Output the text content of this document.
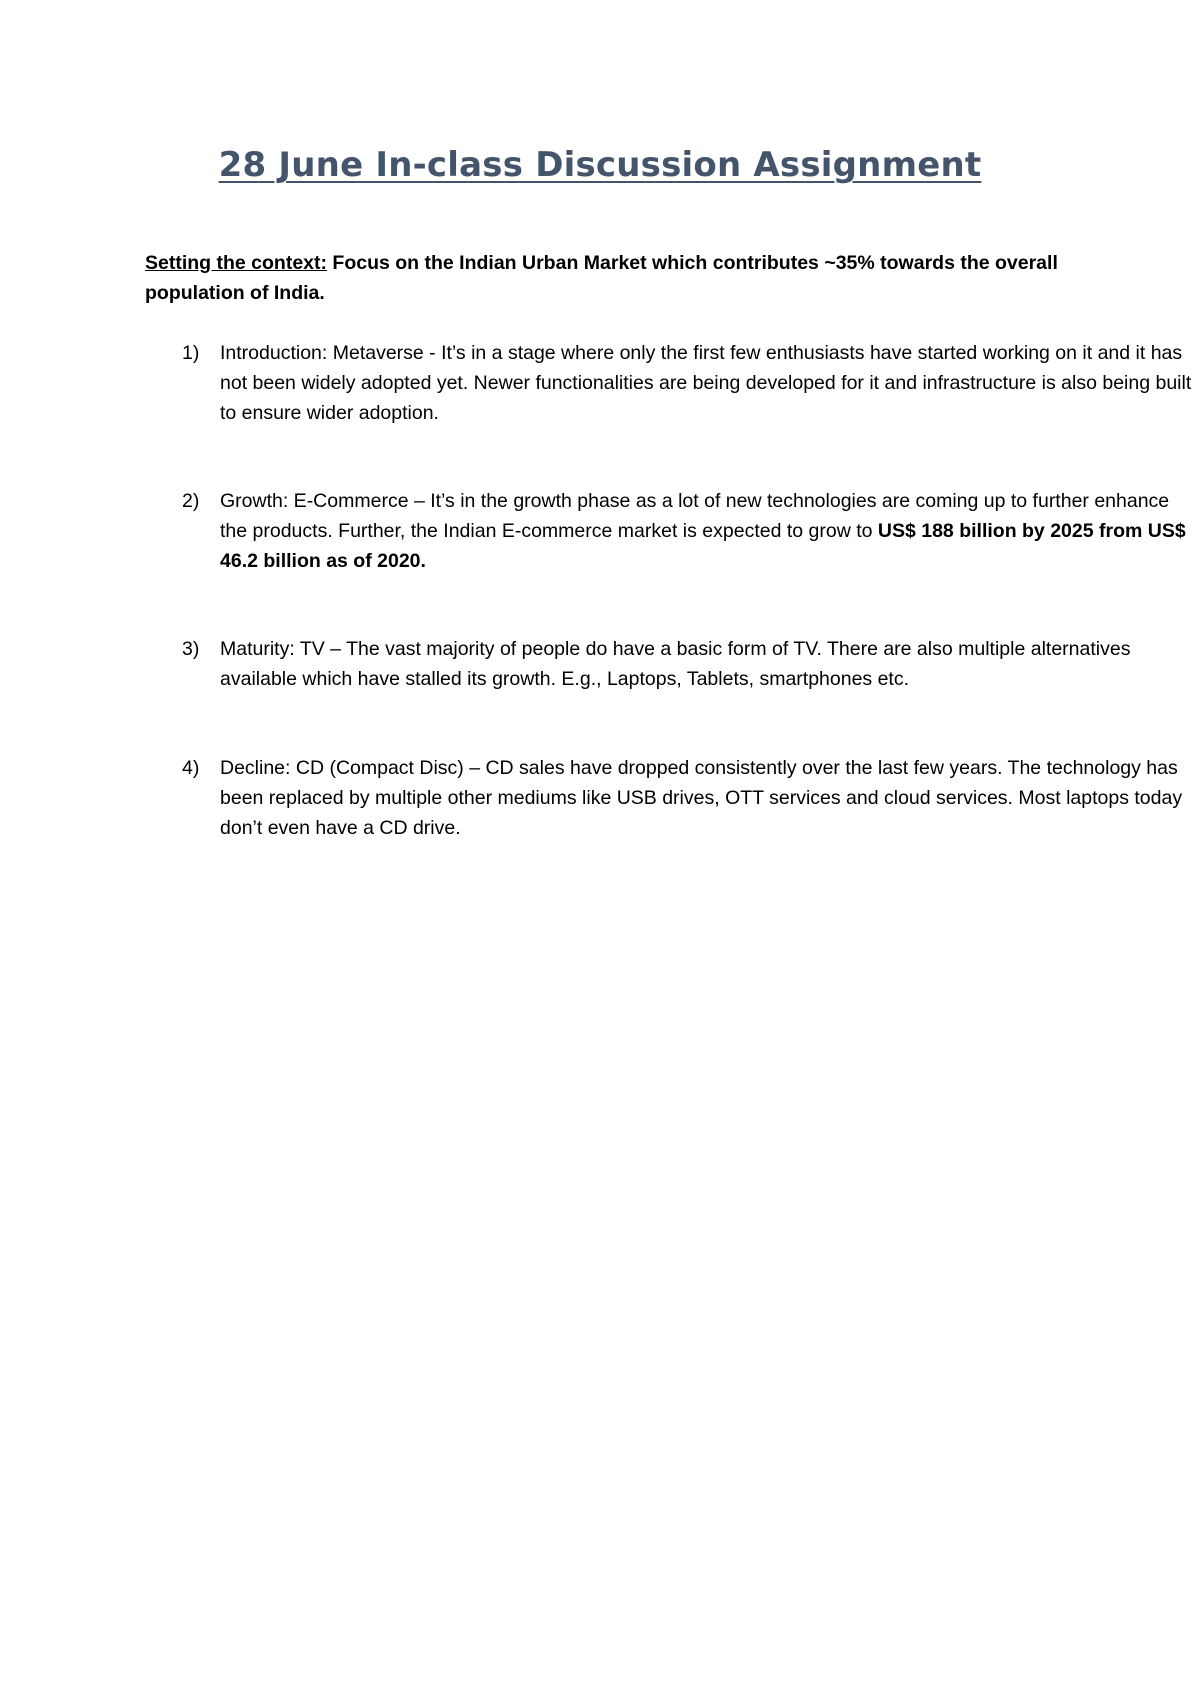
28 June In-class Discussion Assignment

Setting the context: Focus on the Indian Urban Market which contributes ~35% towards the overall population of India.

1)	Introduction: Metaverse - It’s in a stage where only the first few enthusiasts have started working on it and it has not been widely adopted yet. Newer functionalities are being developed for it and infrastructure is also being built to ensure wider adoption.
2)	Growth: E-Commerce – It’s in the growth phase as a lot of new technologies are coming up to further enhance the products. Further, the Indian E-commerce market is expected to grow to US$ 188 billion by 2025 from US$ 46.2 billion as of 2020.
3)	Maturity: TV – The vast majority of people do have a basic form of TV. There are also multiple alternatives available which have stalled its growth. E.g., Laptops, Tablets, smartphones etc.
4)	Decline: CD (Compact Disc) – CD sales have dropped consistently over the last few years. The technology has been replaced by multiple other mediums like USB drives, OTT services and cloud services. Most laptops today don’t even have a CD drive.
